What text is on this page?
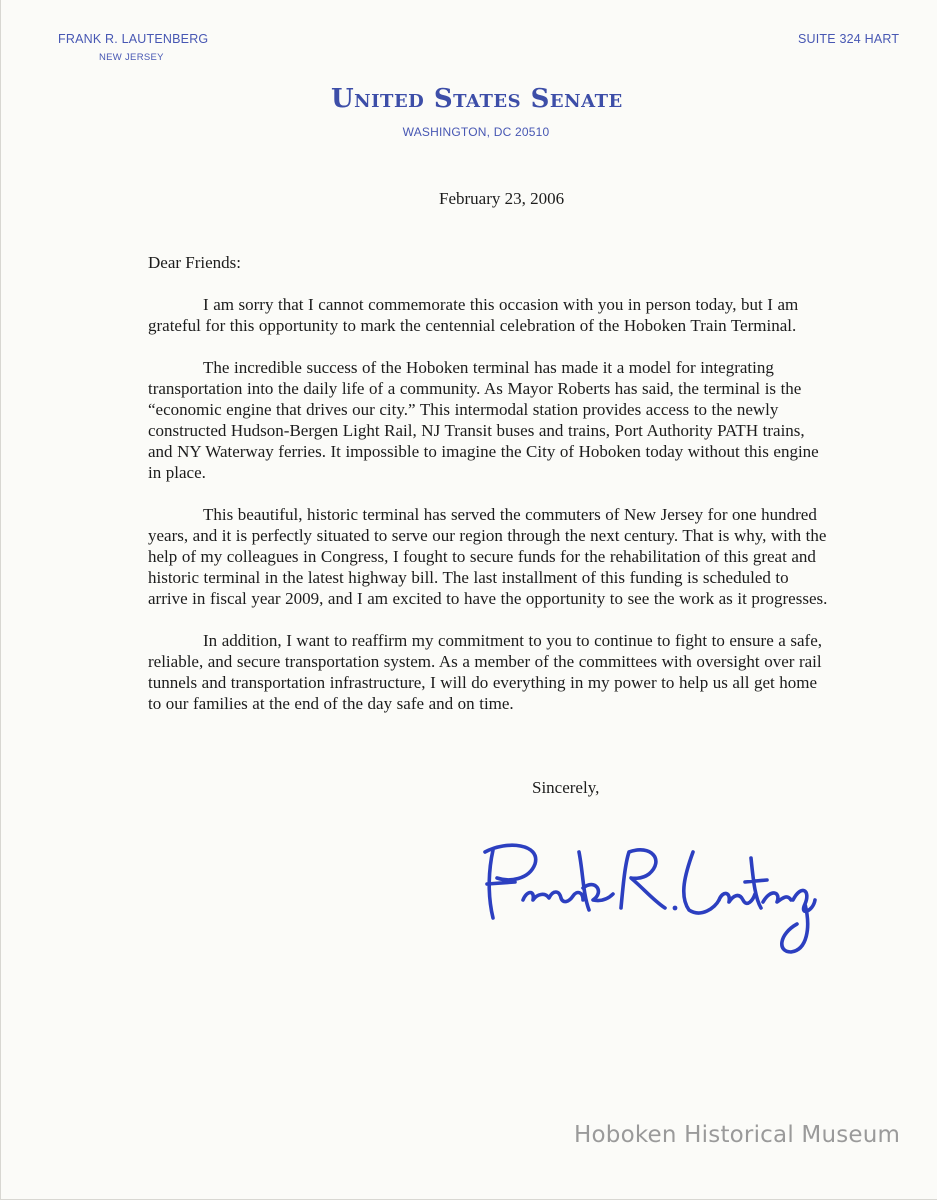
FRANK R. LAUTENBERG
NEW JERSEY
SUITE 324 HART
United States Senate
WASHINGTON, DC 20510
February 23, 2006

Dear Friends:

I am sorry that I cannot commemorate this occasion with you in person today, but I am grateful for this opportunity to mark the centennial celebration of the Hoboken Train Terminal.

The incredible success of the Hoboken terminal has made it a model for integrating transportation into the daily life of a community. As Mayor Roberts has said, the terminal is the “economic engine that drives our city.” This intermodal station provides access to the newly constructed Hudson-Bergen Light Rail, NJ Transit buses and trains, Port Authority PATH trains, and NY Waterway ferries. It impossible to imagine the City of Hoboken today without this engine in place.

This beautiful, historic terminal has served the commuters of New Jersey for one hundred years, and it is perfectly situated to serve our region through the next century. That is why, with the help of my colleagues in Congress, I fought to secure funds for the rehabilitation of this great and historic terminal in the latest highway bill. The last installment of this funding is scheduled to arrive in fiscal year 2009, and I am excited to have the opportunity to see the work as it progresses.

In addition, I want to reaffirm my commitment to you to continue to fight to ensure a safe, reliable, and secure transportation system. As a member of the committees with oversight over rail tunnels and transportation infrastructure, I will do everything in my power to help us all get home to our families at the end of the day safe and on time.

Sincerely,
Hoboken Historical Museum
